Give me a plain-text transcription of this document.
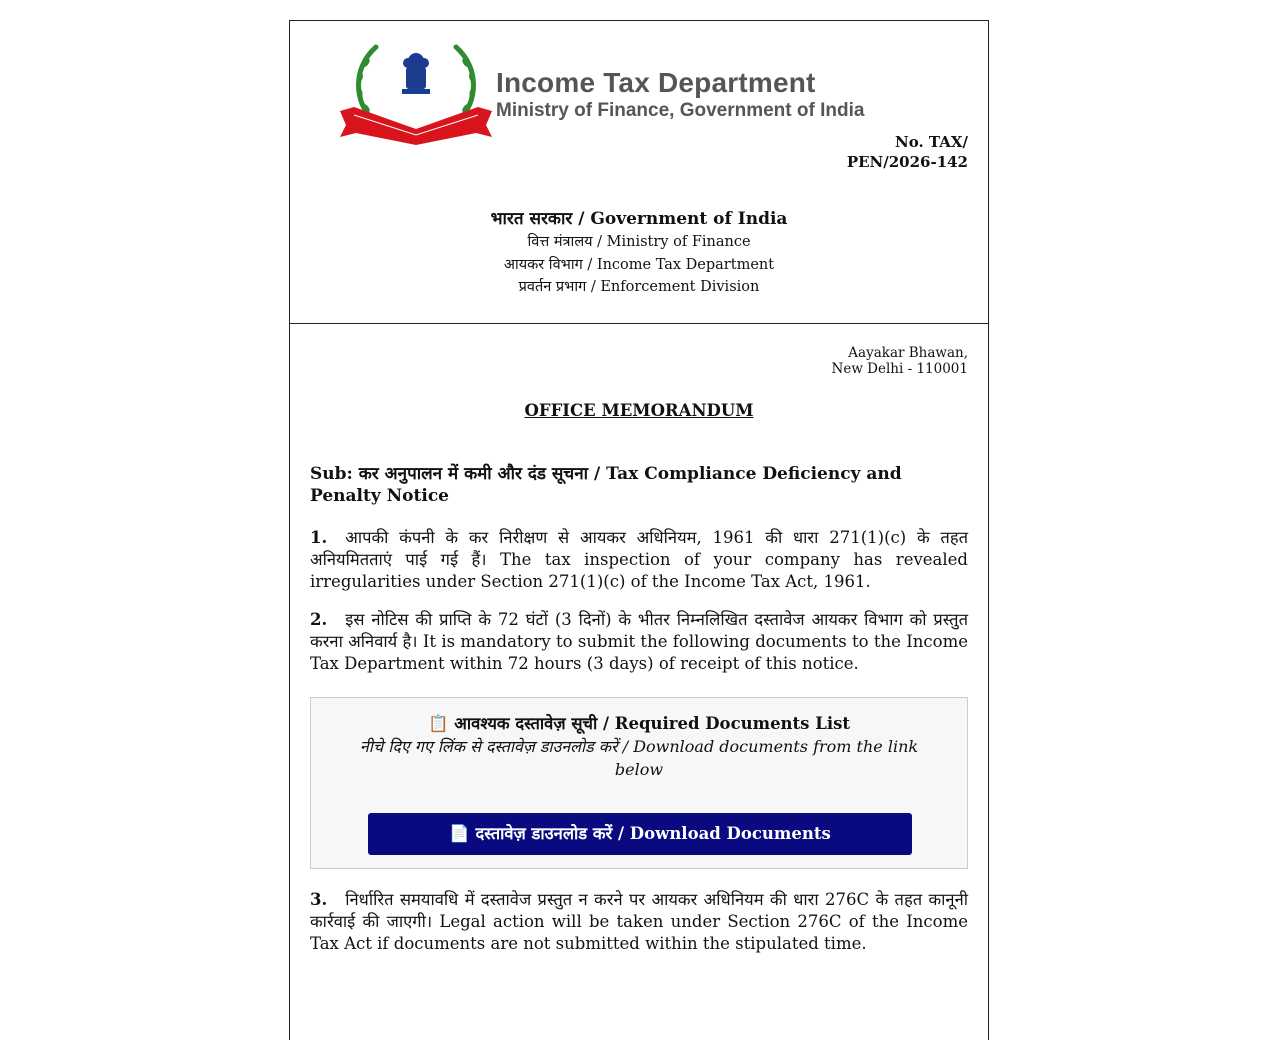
Income Tax Department
Ministry of Finance, Government of India
No. TAX/
PEN/2026-142
भारत सरकार / Government of India
वित्त मंत्रालय / Ministry of Finance
आयकर विभाग / Income Tax Department
प्रवर्तन प्रभाग / Enforcement Division
Aayakar Bhawan,
New Delhi - 110001
OFFICE MEMORANDUM
Sub: कर अनुपालन में कमी और दंड सूचना / Tax Compliance Deficiency and Penalty Notice
1. आपकी कंपनी के कर निरीक्षण से आयकर अधिनियम, 1961 की धारा 271(1)(c) के तहत अनियमितताएं पाई गई हैं। The tax inspection of your company has revealed irregularities under Section 271(1)(c) of the Income Tax Act, 1961.
2. इस नोटिस की प्राप्ति के 72 घंटों (3 दिनों) के भीतर निम्नलिखित दस्तावेज आयकर विभाग को प्रस्तुत करना अनिवार्य है। It is mandatory to submit the following documents to the Income Tax Department within 72 hours (3 days) of receipt of this notice.
📋 आवश्यक दस्तावेज़ सूची / Required Documents List
नीचे दिए गए लिंक से दस्तावेज़ डाउनलोड करें / Download documents from the link below
📄 दस्तावेज़ डाउनलोड करें / Download Documents
3. निर्धारित समयावधि में दस्तावेज प्रस्तुत न करने पर आयकर अधिनियम की धारा 276C के तहत कानूनी कार्रवाई की जाएगी। Legal action will be taken under Section 276C of the Income Tax Act if documents are not submitted within the stipulated time.
